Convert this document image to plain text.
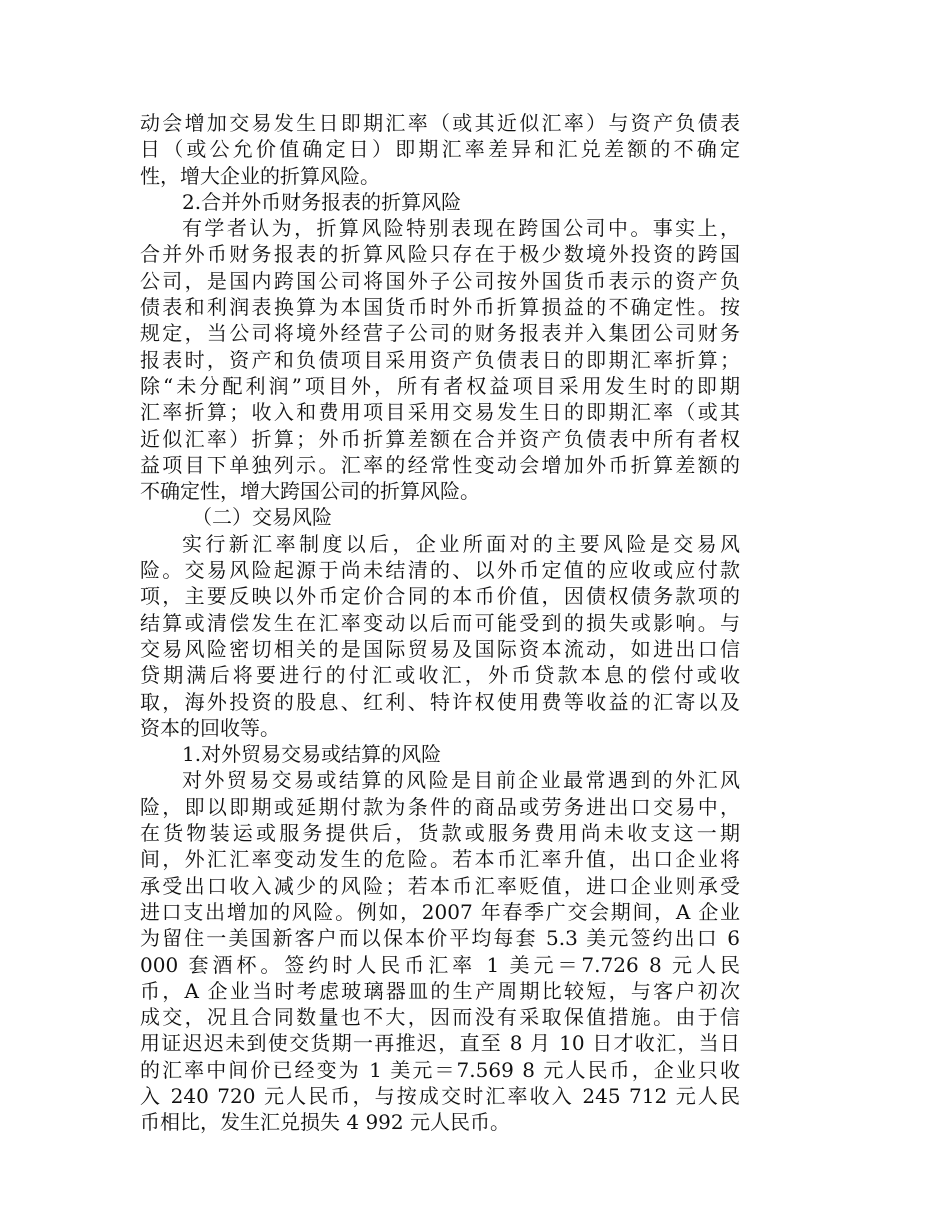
动会增加交易发生日即期汇率（或其近似汇率）与资产负债表
日（或公允价值确定日）即期汇率差异和汇兑差额的不确定
性，增大企业的折算风险。
2.合并外币财务报表的折算风险
有学者认为，折算风险特别表现在跨国公司中。事实上，
合并外币财务报表的折算风险只存在于极少数境外投资的跨国
公司，是国内跨国公司将国外子公司按外国货币表示的资产负
债表和利润表换算为本国货币时外币折算损益的不确定性。按
规定，当公司将境外经营子公司的财务报表并入集团公司财务
报表时，资产和负债项目采用资产负债表日的即期汇率折算；
除“未分配利润”项目外，所有者权益项目采用发生时的即期
汇率折算；收入和费用项目采用交易发生日的即期汇率（或其
近似汇率）折算；外币折算差额在合并资产负债表中所有者权
益项目下单独列示。汇率的经常性变动会增加外币折算差额的
不确定性，增大跨国公司的折算风险。
（二）交易风险
实行新汇率制度以后，企业所面对的主要风险是交易风
险。交易风险起源于尚未结清的、以外币定值的应收或应付款
项，主要反映以外币定价合同的本币价值，因债权债务款项的
结算或清偿发生在汇率变动以后而可能受到的损失或影响。与
交易风险密切相关的是国际贸易及国际资本流动，如进出口信
贷期满后将要进行的付汇或收汇，外币贷款本息的偿付或收
取，海外投资的股息、红利、特许权使用费等收益的汇寄以及
资本的回收等。
1.对外贸易交易或结算的风险
对外贸易交易或结算的风险是目前企业最常遇到的外汇风
险，即以即期或延期付款为条件的商品或劳务进出口交易中，
在货物装运或服务提供后，货款或服务费用尚未收支这一期
间，外汇汇率变动发生的危险。若本币汇率升值，出口企业将
承受出口收入减少的风险；若本币汇率贬值，进口企业则承受
进口支出增加的风险。例如，2007 年春季广交会期间，A 企业
为留住一美国新客户而以保本价平均每套 5.3 美元签约出口 6
000 套酒杯。签约时人民币汇率 1 美元＝7.726 8 元人民
币，A 企业当时考虑玻璃器皿的生产周期比较短，与客户初次
成交，况且合同数量也不大，因而没有采取保值措施。由于信
用证迟迟未到使交货期一再推迟，直至 8 月 10 日才收汇，当日
的汇率中间价已经变为 1 美元＝7.569 8 元人民币，企业只收
入 240 720 元人民币，与按成交时汇率收入 245 712 元人民
币相比，发生汇兑损失 4 992 元人民币。
